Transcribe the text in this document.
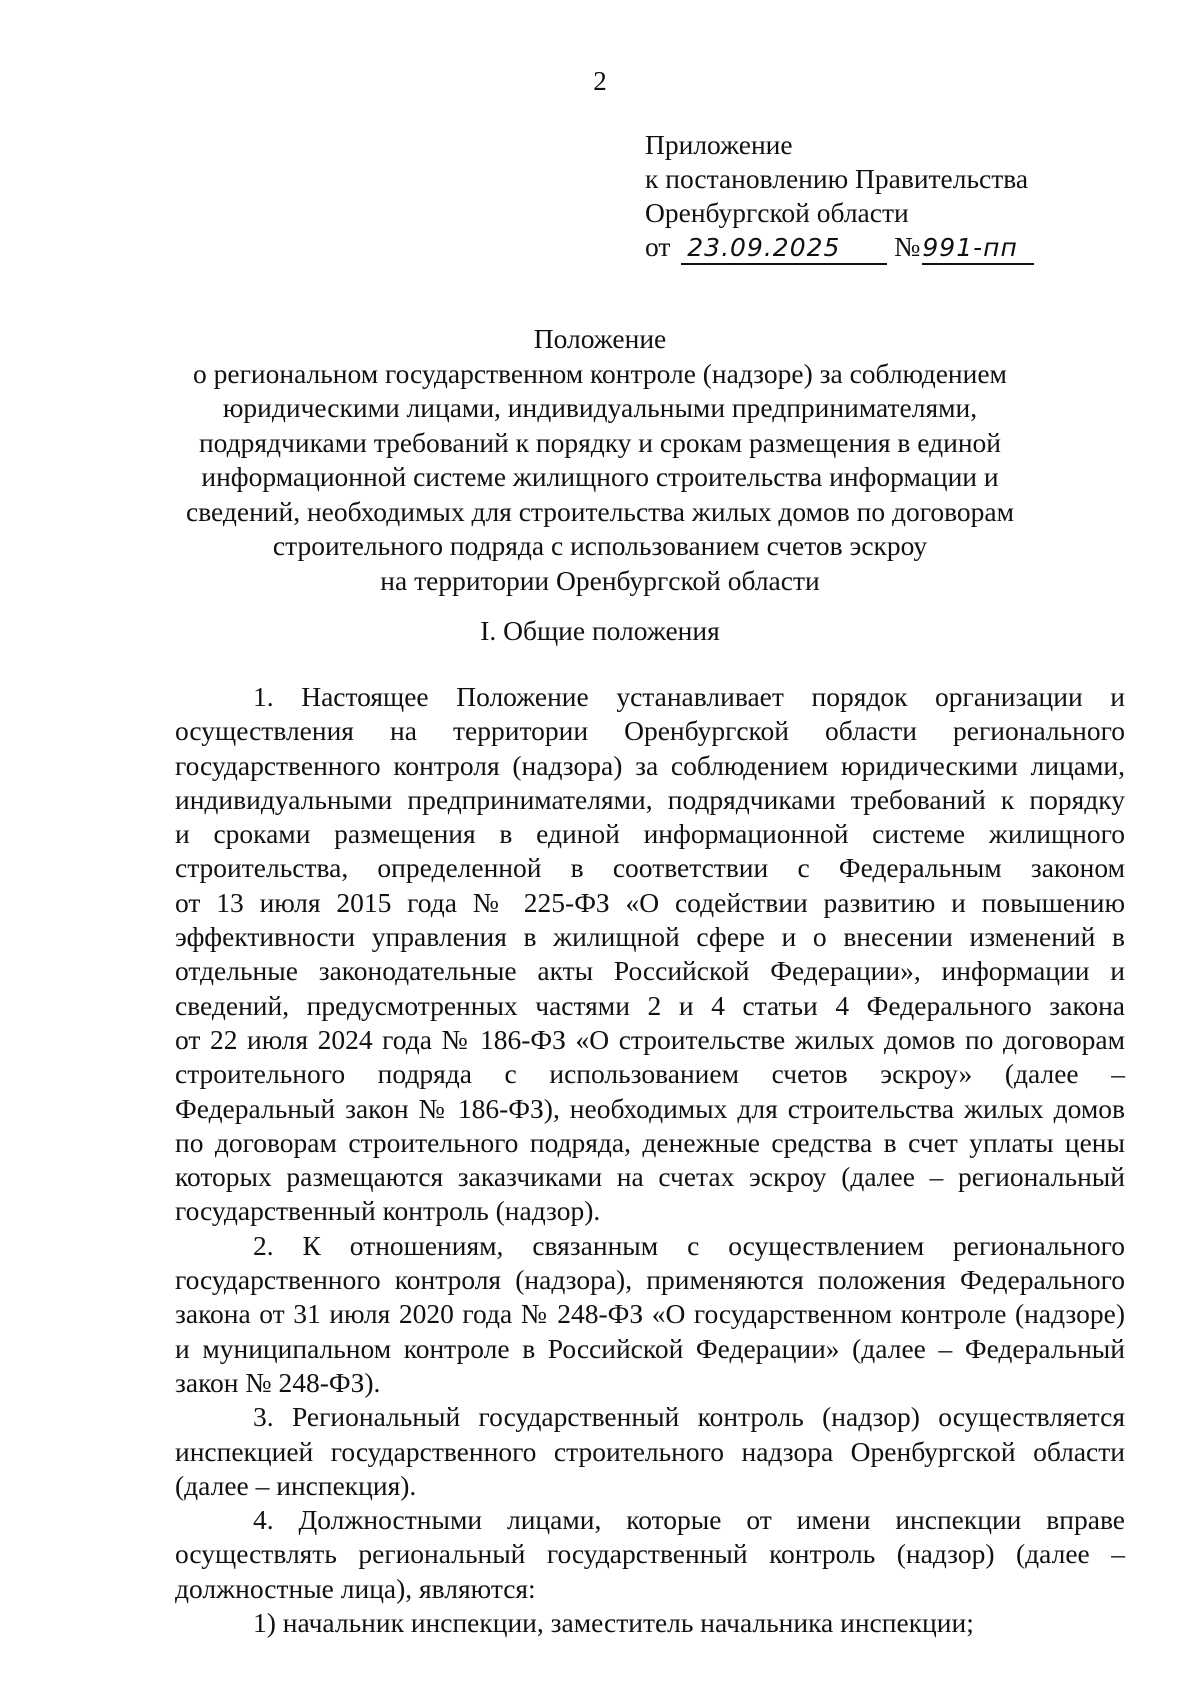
2
Приложение
к постановлению Правительства
Оренбургской области
от 23.09.2025 №991-пп
Положение
о региональном государственном контроле (надзоре) за соблюдением
юридическими лицами, индивидуальными предпринимателями,
подрядчиками требований к порядку и срокам размещения в единой
информационной системе жилищного строительства информации и
сведений, необходимых для строительства жилых домов по договорам
строительного подряда с использованием счетов эскроу
на территории Оренбургской области
I. Общие положения
1. Настоящее Положение устанавливает порядок организации и
осуществления на территории Оренбургской области регионального
государственного контроля (надзора) за соблюдением юридическими лицами,
индивидуальными предпринимателями, подрядчиками требований к порядку
и сроками размещения в единой информационной системе жилищного
строительства, определенной в соответствии с Федеральным законом
от 13 июля 2015 года № 225-ФЗ «О содействии развитию и повышению
эффективности управления в жилищной сфере и о внесении изменений в
отдельные законодательные акты Российской Федерации», информации и
сведений, предусмотренных частями 2 и 4 статьи 4 Федерального закона
от 22 июля 2024 года № 186-ФЗ «О строительстве жилых домов по договорам
строительного подряда с использованием счетов эскроу» (далее –
Федеральный закон № 186-ФЗ), необходимых для строительства жилых домов
по договорам строительного подряда, денежные средства в счет уплаты цены
которых размещаются заказчиками на счетах эскроу (далее – региональный
государственный контроль (надзор).
2. К отношениям, связанным с осуществлением регионального
государственного контроля (надзора), применяются положения Федерального
закона от 31 июля 2020 года № 248-ФЗ «О государственном контроле (надзоре)
и муниципальном контроле в Российской Федерации» (далее – Федеральный
закон № 248-ФЗ).
3. Региональный государственный контроль (надзор) осуществляется
инспекцией государственного строительного надзора Оренбургской области
(далее – инспекция).
4. Должностными лицами, которые от имени инспекции вправе
осуществлять региональный государственный контроль (надзор) (далее –
должностные лица), являются:
1) начальник инспекции, заместитель начальника инспекции;
